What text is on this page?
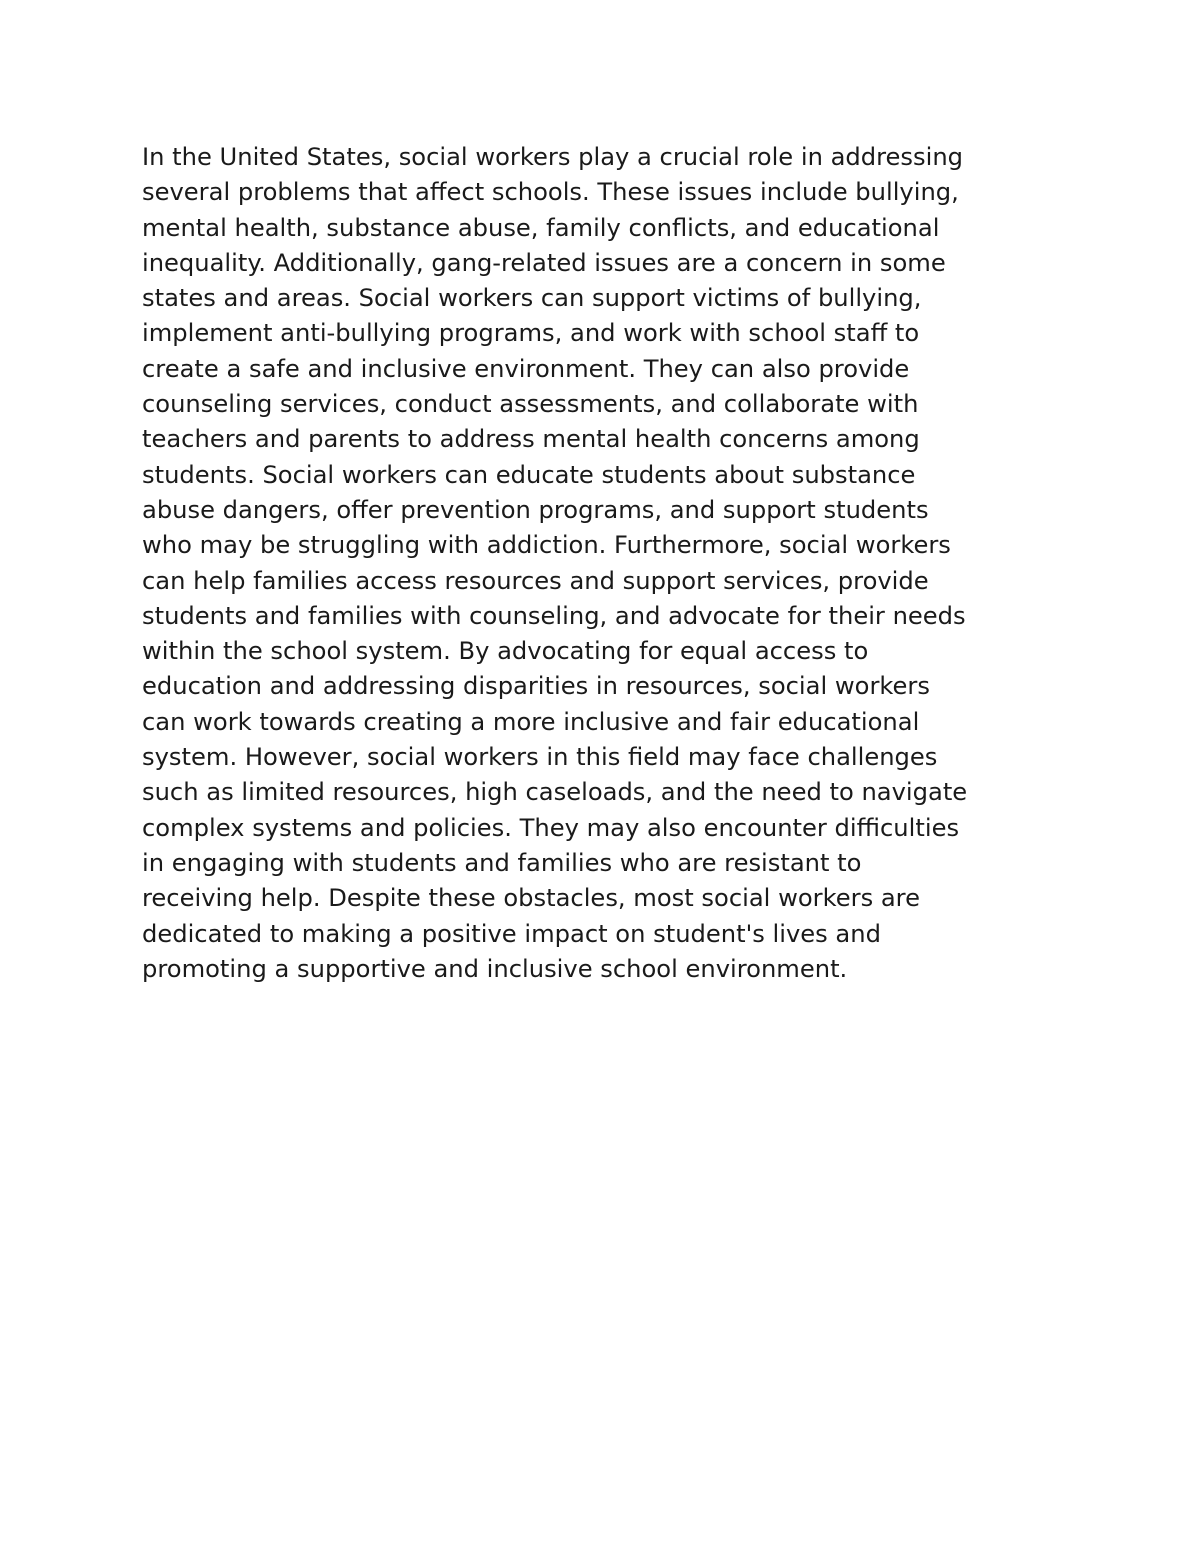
In the United States, social workers play a crucial role in addressing
several problems that affect schools. These issues include bullying,
mental health, substance abuse, family conflicts, and educational
inequality. Additionally, gang-related issues are a concern in some
states and areas. Social workers can support victims of bullying,
implement anti-bullying programs, and work with school staff to
create a safe and inclusive environment. They can also provide
counseling services, conduct assessments, and collaborate with
teachers and parents to address mental health concerns among
students. Social workers can educate students about substance
abuse dangers, offer prevention programs, and support students
who may be struggling with addiction. Furthermore, social workers
can help families access resources and support services, provide
students and families with counseling, and advocate for their needs
within the school system. By advocating for equal access to
education and addressing disparities in resources, social workers
can work towards creating a more inclusive and fair educational
system. However, social workers in this field may face challenges
such as limited resources, high caseloads, and the need to navigate
complex systems and policies. They may also encounter difficulties
in engaging with students and families who are resistant to
receiving help. Despite these obstacles, most social workers are
dedicated to making a positive impact on student's lives and
promoting a supportive and inclusive school environment.
